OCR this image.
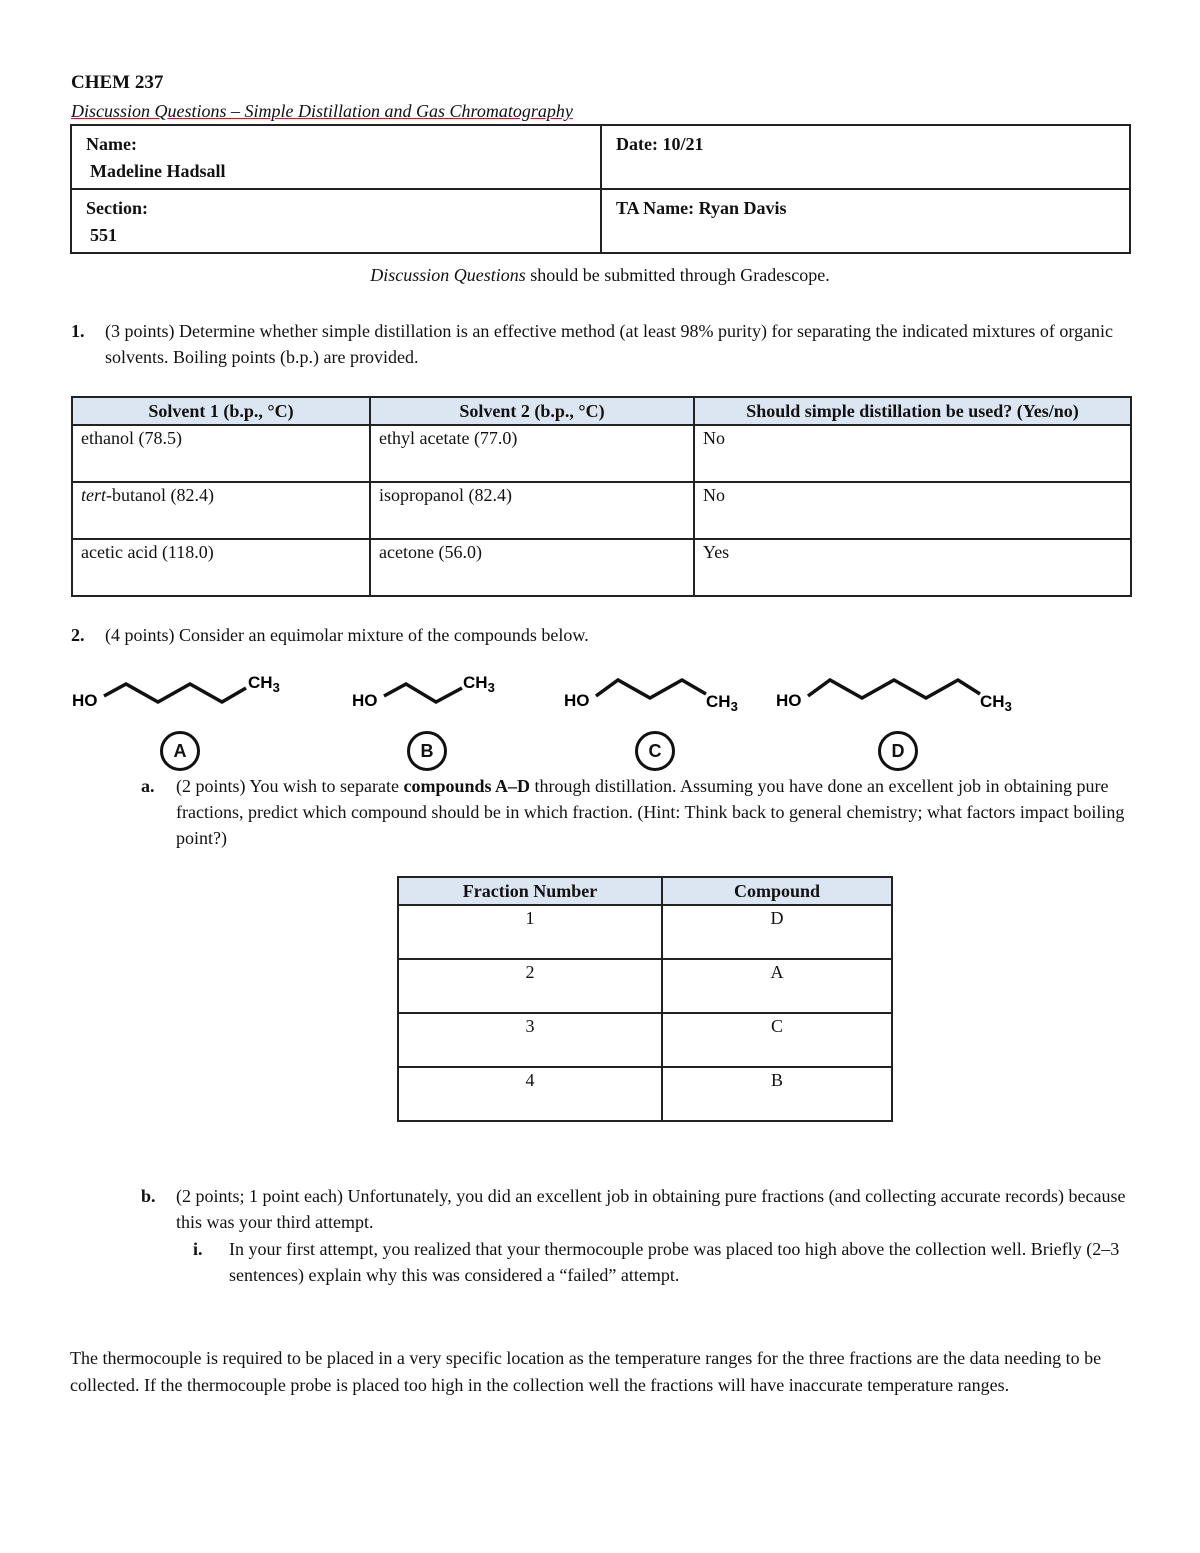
CHEM 237
Discussion Questions – Simple Distillation and Gas Chromatography
Name:
Madeline Hadsall	Date: 10/21

Section:
551	TA Name: Ryan Davis
Discussion Questions should be submitted through Gradescope.
1. (3 points) Determine whether simple distillation is an effective method (at least 98% purity) for separating the indicated mixtures of organic solvents. Boiling points (b.p.) are provided.
Solvent 1 (b.p., °C)	Solvent 2 (b.p., °C)	Should simple distillation be used? (Yes/no)
ethanol (78.5)	ethyl acetate (77.0)	No
tert-butanol (82.4)	isopropanol (82.4)	No
acetic acid (118.0)	acetone (56.0)	Yes
2. (4 points) Consider an equimolar mixture of the compounds below.
HO
$CH_3$
A
HO
$CH_3$
B
HO	$CH_3$
C
HO	$CH_3$
D
a. (2 points) You wish to separate compounds A–D through distillation. Assuming you have done an excellent job in obtaining pure fractions, predict which compound should be in which fraction. (Hint: Think back to general chemistry; what factors impact boiling point?)
Fraction Number	Compound
1	D
2	A
3	C
4	B
b. (2 points; 1 point each) Unfortunately, you did an excellent job in obtaining pure fractions (and collecting accurate records) because this was your third attempt.
i. In your first attempt, you realized that your thermocouple probe was placed too high above the collection well. Briefly (2–3 sentences) explain why this was considered a “failed” attempt.
The thermocouple is required to be placed in a very specific location as the temperature ranges for the three fractions are the data needing to be collected. If the thermocouple probe is placed too high in the collection well the fractions will have inaccurate temperature ranges.
